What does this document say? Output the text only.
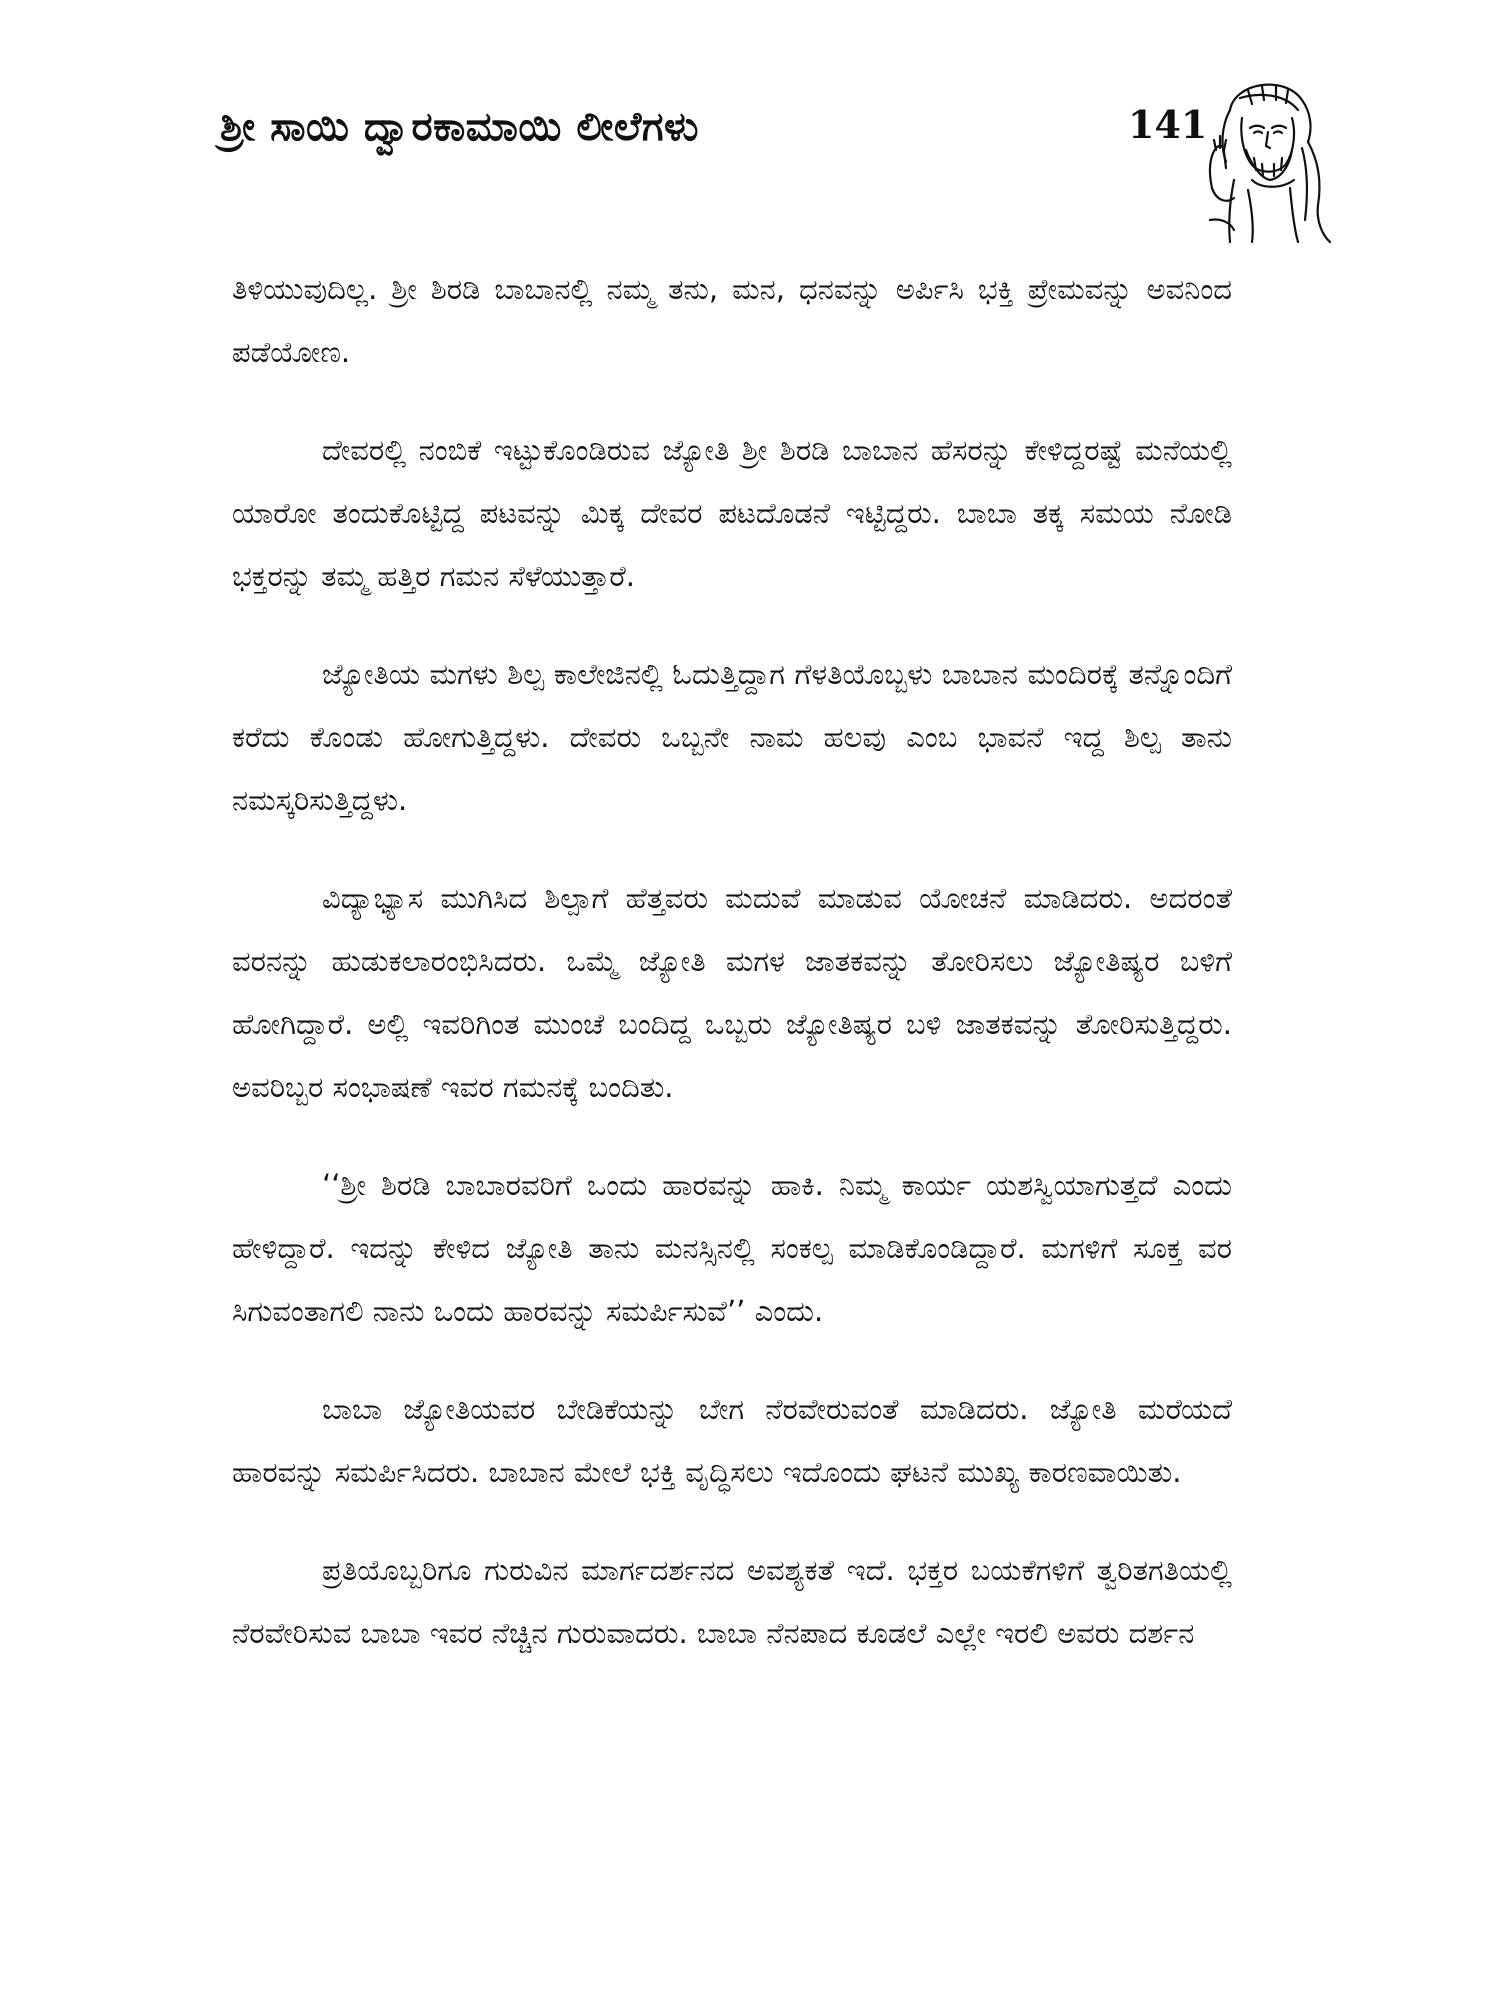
ಶ್ರೀ ಸಾಯಿ ದ್ವಾರಕಾಮಾಯಿ ಲೀಲೆಗಳು	141

ತಿಳಿಯುವುದಿಲ್ಲ. ಶ್ರೀ ಶಿರಡಿ ಬಾಬಾನಲ್ಲಿ ನಮ್ಮ ತನು, ಮನ, ಧನವನ್ನು ಅರ್ಪಿಸಿ ಭಕ್ತಿ ಪ್ರೇಮವನ್ನು ಅವನಿಂದ ಪಡೆಯೋಣ.

ದೇವರಲ್ಲಿ ನಂಬಿಕೆ ಇಟ್ಟುಕೊಂಡಿರುವ ಜ್ಯೋತಿ ಶ್ರೀ ಶಿರಡಿ ಬಾಬಾನ ಹೆಸರನ್ನು ಕೇಳಿದ್ದರಷ್ಟೆ ಮನೆಯಲ್ಲಿ ಯಾರೋ ತಂದುಕೊಟ್ಟಿದ್ದ ಪಟವನ್ನು ಮಿಕ್ಕ ದೇವರ ಪಟದೊಡನೆ ಇಟ್ಟಿದ್ದರು. ಬಾಬಾ ತಕ್ಕ ಸಮಯ ನೋಡಿ ಭಕ್ತರನ್ನು ತಮ್ಮ ಹತ್ತಿರ ಗಮನ ಸೆಳೆಯುತ್ತಾರೆ.

ಜ್ಯೋತಿಯ ಮಗಳು ಶಿಲ್ಪ ಕಾಲೇಜಿನಲ್ಲಿ ಓದುತ್ತಿದ್ದಾಗ ಗೆಳತಿಯೊಬ್ಬಳು ಬಾಬಾನ ಮಂದಿರಕ್ಕೆ ತನ್ನೊಂದಿಗೆ ಕರೆದು ಕೊಂಡು ಹೋಗುತ್ತಿದ್ದಳು. ದೇವರು ಒಬ್ಬನೇ ನಾಮ ಹಲವು ಎಂಬ ಭಾವನೆ ಇದ್ದ ಶಿಲ್ಪ ತಾನು ನಮಸ್ಕರಿಸುತ್ತಿದ್ದಳು.

ವಿದ್ಯಾಭ್ಯಾಸ ಮುಗಿಸಿದ ಶಿಲ್ಪಾಗೆ ಹೆತ್ತವರು ಮದುವೆ ಮಾಡುವ ಯೋಚನೆ ಮಾಡಿದರು. ಅದರಂತೆ ವರನನ್ನು ಹುಡುಕಲಾರಂಭಿಸಿದರು. ಒಮ್ಮೆ ಜ್ಯೋತಿ ಮಗಳ ಜಾತಕವನ್ನು ತೋರಿಸಲು ಜ್ಯೋತಿಷ್ಯರ ಬಳಿಗೆ ಹೋಗಿದ್ದಾರೆ. ಅಲ್ಲಿ ಇವರಿಗಿಂತ ಮುಂಚೆ ಬಂದಿದ್ದ ಒಬ್ಬರು ಜ್ಯೋತಿಷ್ಯರ ಬಳಿ ಜಾತಕವನ್ನು ತೋರಿಸುತ್ತಿದ್ದರು. ಅವರಿಬ್ಬರ ಸಂಭಾಷಣೆ ಇವರ ಗಮನಕ್ಕೆ ಬಂದಿತು.

‘‘ಶ್ರೀ ಶಿರಡಿ ಬಾಬಾರವರಿಗೆ ಒಂದು ಹಾರವನ್ನು ಹಾಕಿ. ನಿಮ್ಮ ಕಾರ್ಯ ಯಶಸ್ವಿಯಾಗುತ್ತದೆ ಎಂದು ಹೇಳಿದ್ದಾರೆ. ಇದನ್ನು ಕೇಳಿದ ಜ್ಯೋತಿ ತಾನು ಮನಸ್ಸಿನಲ್ಲಿ ಸಂಕಲ್ಪ ಮಾಡಿಕೊಂಡಿದ್ದಾರೆ. ಮಗಳಿಗೆ ಸೂಕ್ತ ವರ ಸಿಗುವಂತಾಗಲಿ ನಾನು ಒಂದು ಹಾರವನ್ನು ಸಮರ್ಪಿಸುವೆ’’ ಎಂದು.

ಬಾಬಾ ಜ್ಯೋತಿಯವರ ಬೇಡಿಕೆಯನ್ನು ಬೇಗ ನೆರವೇರುವಂತೆ ಮಾಡಿದರು. ಜ್ಯೋತಿ ಮರೆಯದೆ ಹಾರವನ್ನು ಸಮರ್ಪಿಸಿದರು. ಬಾಬಾನ ಮೇಲೆ ಭಕ್ತಿ ವೃದ್ಧಿಸಲು ಇದೊಂದು ಘಟನೆ ಮುಖ್ಯ ಕಾರಣವಾಯಿತು.

ಪ್ರತಿಯೊಬ್ಬರಿಗೂ ಗುರುವಿನ ಮಾರ್ಗದರ್ಶನದ ಅವಶ್ಯಕತೆ ಇದೆ. ಭಕ್ತರ ಬಯಕೆಗಳಿಗೆ ತ್ವರಿತಗತಿಯಲ್ಲಿ ನೆರವೇರಿಸುವ ಬಾಬಾ ಇವರ ನೆಚ್ಚಿನ ಗುರುವಾದರು. ಬಾಬಾ ನೆನಪಾದ ಕೂಡಲೆ ಎಲ್ಲೇ ಇರಲಿ ಅವರು ದರ್ಶನ
